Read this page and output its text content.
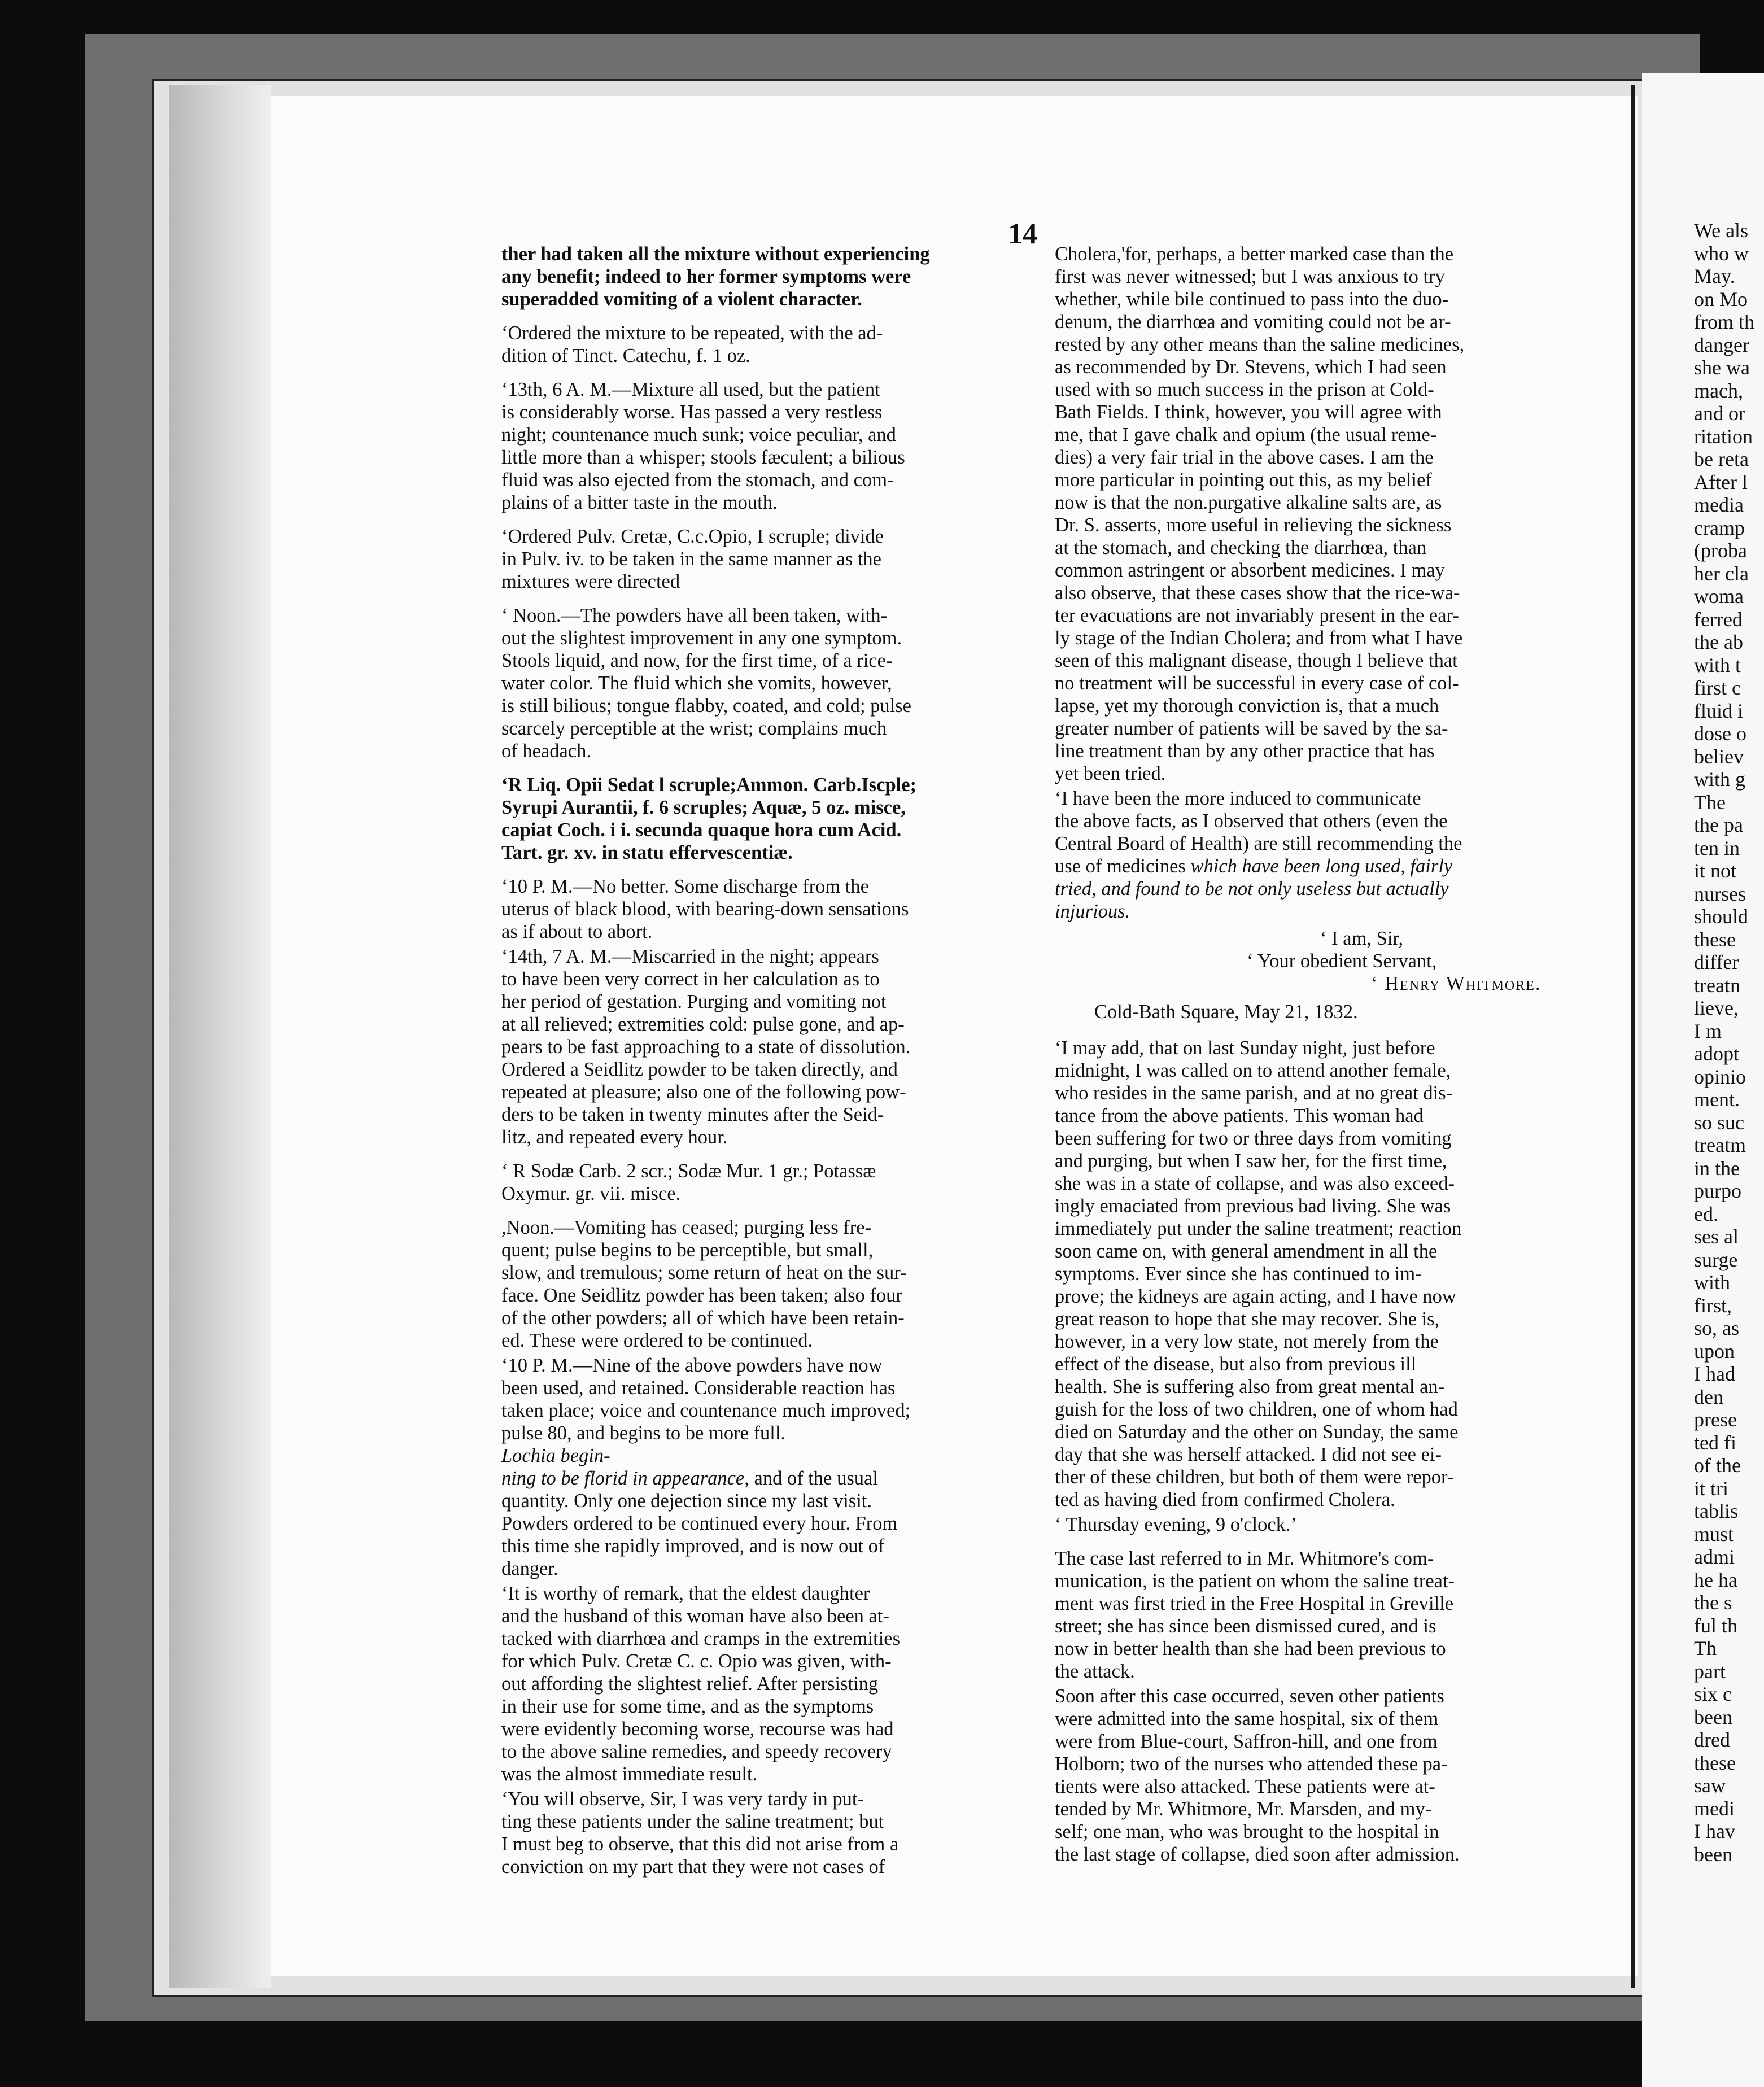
We als
who w
May.
on Mo
from th
danger
she wa
mach,
and or
ritation
be reta
After l
media
cramp
(proba
her cla
woma
ferred
the ab
with t
first c
fluid i
dose o
believ
with g
The
the pa
ten in
it not
nurses
should
these
differ
treatn
lieve,
I m
adopt
opinio
ment.
so suc
treatm
in the
purpo
ed.
ses al
surge
with
first,
so, as
upon
I had
den
prese
ted fi
of the
it tri
tablis
must
admi
he ha
the s
ful th
Th
part
six c
been
dred
these
saw
medi
I hav
been
14
ther had taken all the mixture without experiencing
any benefit; indeed to her former symptoms were
superadded vomiting of a violent character.
‘Ordered the mixture to be repeated, with the ad-
dition of Tinct. Catechu, f. 1 oz.
‘13th, 6 A. M.—Mixture all used, but the patient
is considerably worse. Has passed a very restless
night; countenance much sunk; voice peculiar, and
little more than a whisper; stools fæculent; a bilious
fluid was also ejected from the stomach, and com-
plains of a bitter taste in the mouth.
‘Ordered Pulv. Cretæ, C.c.Opio, I scruple; divide
in Pulv. iv. to be taken in the same manner as the
mixtures were directed
‘ Noon.—The powders have all been taken, with-
out the slightest improvement in any one symptom.
Stools liquid, and now, for the first time, of a rice-
water color. The fluid which she vomits, however,
is still bilious; tongue flabby, coated, and cold; pulse
scarcely perceptible at the wrist; complains much
of headach.
‘R Liq. Opii Sedat l scruple;Ammon. Carb.Iscple;
Syrupi Aurantii, f. 6 scruples; Aquæ, 5 oz. misce,
capiat Coch. i i. secunda quaque hora cum Acid.
Tart. gr. xv. in statu effervescentiæ.
‘10 P. M.—No better. Some discharge from the
uterus of black blood, with bearing-down sensations
as if about to abort.
‘14th, 7 A. M.—Miscarried in the night; appears
to have been very correct in her calculation as to
her period of gestation. Purging and vomiting not
at all relieved; extremities cold: pulse gone, and ap-
pears to be fast approaching to a state of dissolution.
Ordered a Seidlitz powder to be taken directly, and
repeated at pleasure; also one of the following pow-
ders to be taken in twenty minutes after the Seid-
litz, and repeated every hour.
‘ R Sodæ Carb. 2 scr.; Sodæ Mur. 1 gr.; Potassæ
Oxymur. gr. vii. misce.
,Noon.—Vomiting has ceased; purging less fre-
quent; pulse begins to be perceptible, but small,
slow, and tremulous; some return of heat on the sur-
face. One Seidlitz powder has been taken; also four
of the other powders; all of which have been retain-
ed. These were ordered to be continued.
‘10 P. M.—Nine of the above powders have now
been used, and retained. Considerable reaction has
taken place; voice and countenance much improved;
pulse 80, and begins to be more full.
Lochia begin-
ning to be florid in appearance, and of the usual
quantity. Only one dejection since my last visit.
Powders ordered to be continued every hour. From
this time she rapidly improved, and is now out of
danger.
‘It is worthy of remark, that the eldest daughter
and the husband of this woman have also been at-
tacked with diarrhœa and cramps in the extremities
for which Pulv. Cretæ C. c. Opio was given, with-
out affording the slightest relief. After persisting
in their use for some time, and as the symptoms
were evidently becoming worse, recourse was had
to the above saline remedies, and speedy recovery
was the almost immediate result.
‘You will observe, Sir, I was very tardy in put-
ting these patients under the saline treatment; but
I must beg to observe, that this did not arise from a
conviction on my part that they were not cases of
Cholera,'for, perhaps, a better marked case than the
first was never witnessed; but I was anxious to try
whether, while bile continued to pass into the duo-
denum, the diarrhœa and vomiting could not be ar-
rested by any other means than the saline medicines,
as recommended by Dr. Stevens, which I had seen
used with so much success in the prison at Cold-
Bath Fields. I think, however, you will agree with
me, that I gave chalk and opium (the usual reme-
dies) a very fair trial in the above cases. I am the
more particular in pointing out this, as my belief
now is that the non.purgative alkaline salts are, as
Dr. S. asserts, more useful in relieving the sickness
at the stomach, and checking the diarrhœa, than
common astringent or absorbent medicines. I may
also observe, that these cases show that the rice-wa-
ter evacuations are not invariably present in the ear-
ly stage of the Indian Cholera; and from what I have
seen of this malignant disease, though I believe that
no treatment will be successful in every case of col-
lapse, yet my thorough conviction is, that a much
greater number of patients will be saved by the sa-
line treatment than by any other practice that has
yet been tried.
‘I have been the more induced to communicate
the above facts, as I observed that others (even the
Central Board of Health) are still recommending the
use of medicines which have been long used, fairly
tried, and found to be not only useless but actually
injurious.
‘ I am, Sir,
‘ Your obedient Servant,
‘ Henry Whitmore.
Cold-Bath Square, May 21, 1832.
‘I may add, that on last Sunday night, just before
midnight, I was called on to attend another female,
who resides in the same parish, and at no great dis-
tance from the above patients. This woman had
been suffering for two or three days from vomiting
and purging, but when I saw her, for the first time,
she was in a state of collapse, and was also exceed-
ingly emaciated from previous bad living. She was
immediately put under the saline treatment; reaction
soon came on, with general amendment in all the
symptoms. Ever since she has continued to im-
prove; the kidneys are again acting, and I have now
great reason to hope that she may recover. She is,
however, in a very low state, not merely from the
effect of the disease, but also from previous ill
health. She is suffering also from great mental an-
guish for the loss of two children, one of whom had
died on Saturday and the other on Sunday, the same
day that she was herself attacked. I did not see ei-
ther of these children, but both of them were repor-
ted as having died from confirmed Cholera.
‘ Thursday evening, 9 o'clock.’
The case last referred to in Mr. Whitmore's com-
munication, is the patient on whom the saline treat-
ment was first tried in the Free Hospital in Greville
street; she has since been dismissed cured, and is
now in better health than she had been previous to
the attack.
Soon after this case occurred, seven other patients
were admitted into the same hospital, six of them
were from Blue-court, Saffron-hill, and one from
Holborn; two of the nurses who attended these pa-
tients were also attacked. These patients were at-
tended by Mr. Whitmore, Mr. Marsden, and my-
self; one man, who was brought to the hospital in
the last stage of collapse, died soon after admission.
